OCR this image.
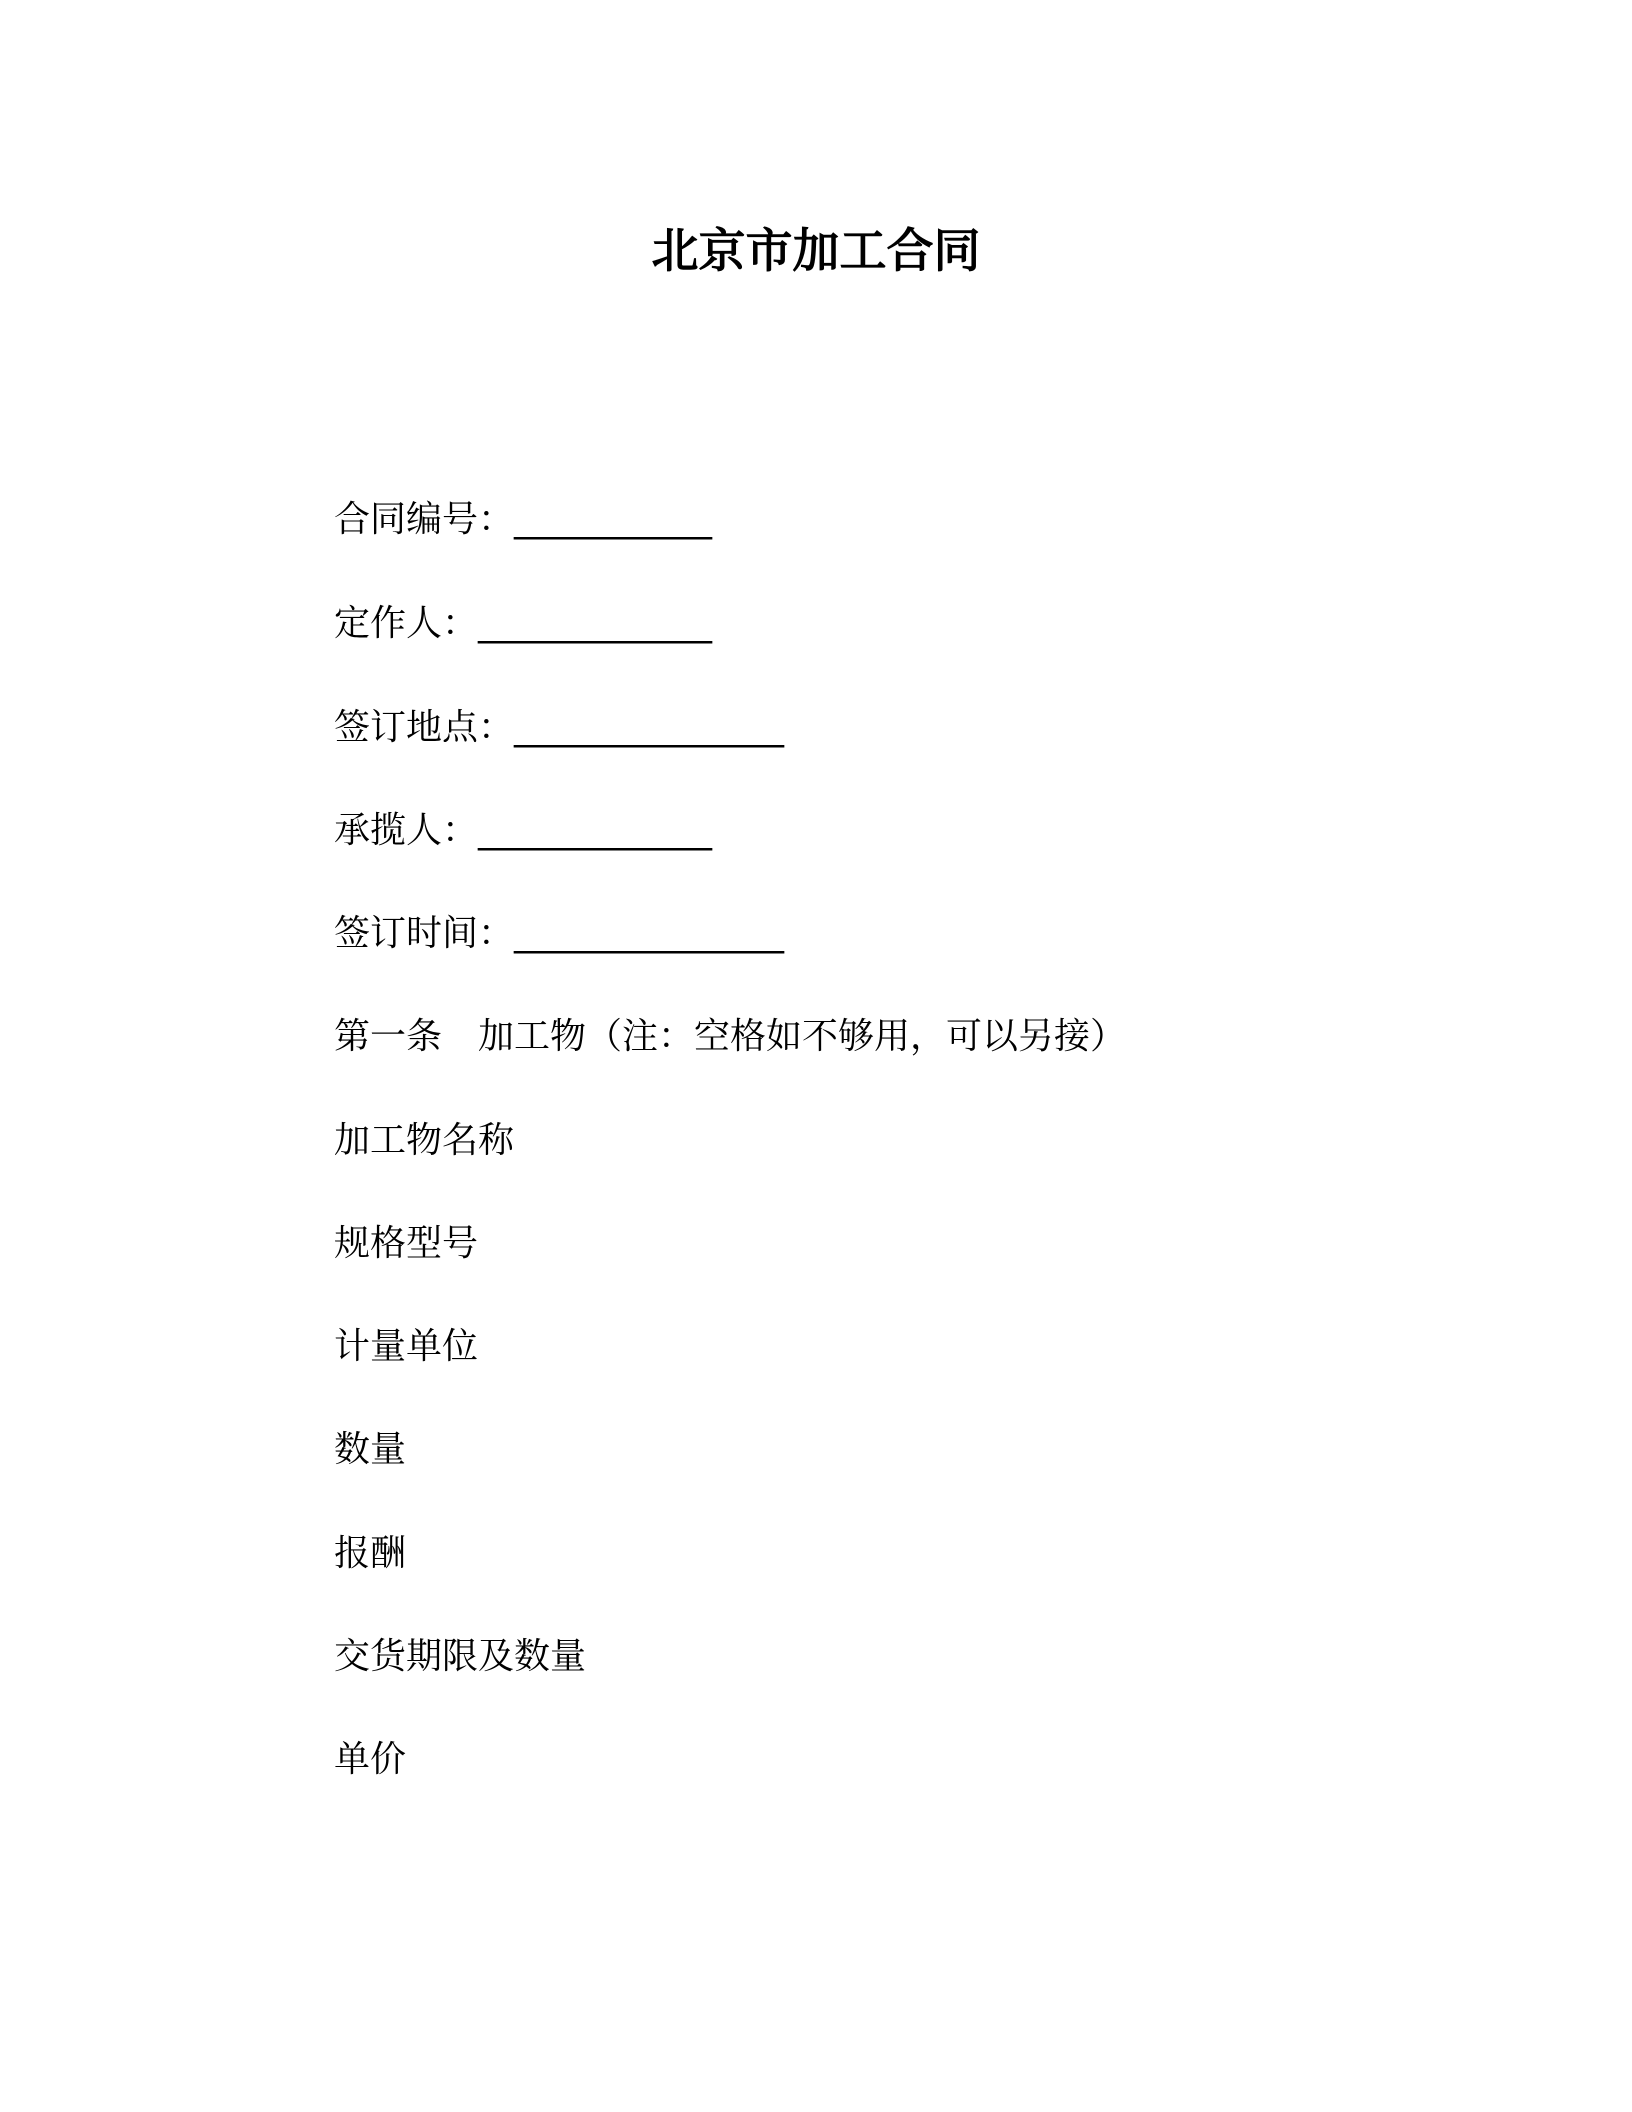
北京市加工合同
合同编号：___________
定作人：_____________
签订地点：_______________
承揽人：_____________
签订时间：_______________
第一条　加工物（注：空格如不够用，可以另接）
加工物名称
规格型号
计量单位
数量
报酬
交货期限及数量
单价
